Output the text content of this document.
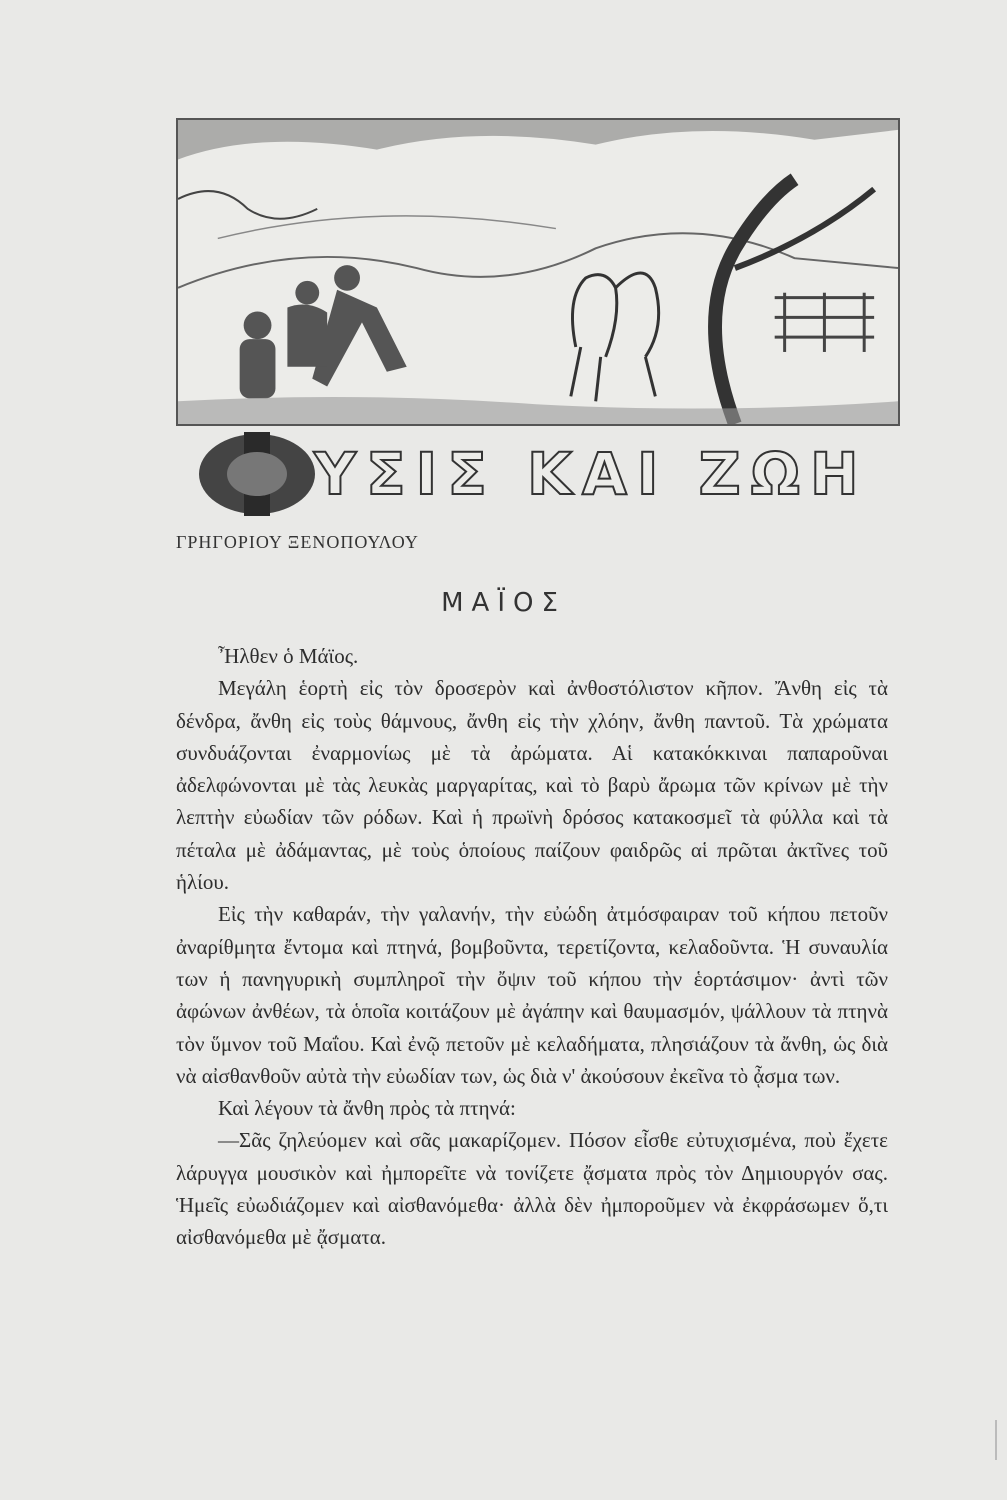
ΥΣΙΣ ΚΑΙ ΖΩΗ
ΓΡΗΓΟΡΙΟΥ ΞΕΝΟΠΟΥΛΟΥ
ΜΑΪΟΣ

Ἦλθεν ὁ Μάϊος.

Μεγάλη ἑορτὴ εἰς τὸν δροσερὸν καὶ ἀνθοστόλιστον κῆπον. Ἄνθη εἰς τὰ δένδρα, ἄνθη εἰς τοὺς θάμνους, ἄνθη εἰς τὴν χλόην, ἄνθη παντοῦ. Τὰ χρώματα συνδυάζονται ἐναρμονίως μὲ τὰ ἀρώματα. Αἱ κατακόκκιναι παπαροῦναι ἀδελφώνονται μὲ τὰς λευκὰς μαργαρίτας, καὶ τὸ βαρὺ ἄρωμα τῶν κρίνων μὲ τὴν λεπτὴν εὐωδίαν τῶν ρόδων. Καὶ ἡ πρωϊνὴ δρόσος κατακοσμεῖ τὰ φύλλα καὶ τὰ πέταλα μὲ ἀδάμαντας, μὲ τοὺς ὁποίους παίζουν φαιδρῶς αἱ πρῶται ἀκτῖνες τοῦ ἡλίου.

Εἰς τὴν καθαράν, τὴν γαλανήν, τὴν εὐώδη ἀτμόσφαιραν τοῦ κήπου πετοῦν ἀναρίθμητα ἔντομα καὶ πτηνά, βομβοῦντα, τερετίζοντα, κελαδοῦντα. Ἡ συναυλία των ἡ πανηγυρικὴ συμπληροῖ τὴν ὄψιν τοῦ κήπου τὴν ἑορτάσιμον· ἀντὶ τῶν ἀφώνων ἀνθέων, τὰ ὁποῖα κοιτάζουν μὲ ἀγάπην καὶ θαυμασμόν, ψάλλουν τὰ πτηνὰ τὸν ὕμνον τοῦ Μαΐου. Καὶ ἐνῷ πετοῦν μὲ κελαδήματα, πλησιάζουν τὰ ἄνθη, ὡς διὰ νὰ αἰσθανθοῦν αὐτὰ τὴν εὐωδίαν των, ὡς διὰ ν' ἀκούσουν ἐκεῖνα τὸ ᾆσμα των.

Καὶ λέγουν τὰ ἄνθη πρὸς τὰ πτηνά:

—Σᾶς ζηλεύομεν καὶ σᾶς μακαρίζομεν. Πόσον εἶσθε εὐτυχισμένα, ποὺ ἔχετε λάρυγγα μουσικὸν καὶ ἠμπορεῖτε νὰ τονίζετε ᾄσματα πρὸς τὸν Δημιουργόν σας. Ἡμεῖς εὐωδιάζομεν καὶ αἰσθανόμεθα· ἀλλὰ δὲν ἠμποροῦμεν νὰ ἐκφράσωμεν ὅ,τι αἰσθανόμεθα μὲ ᾄσματα.
